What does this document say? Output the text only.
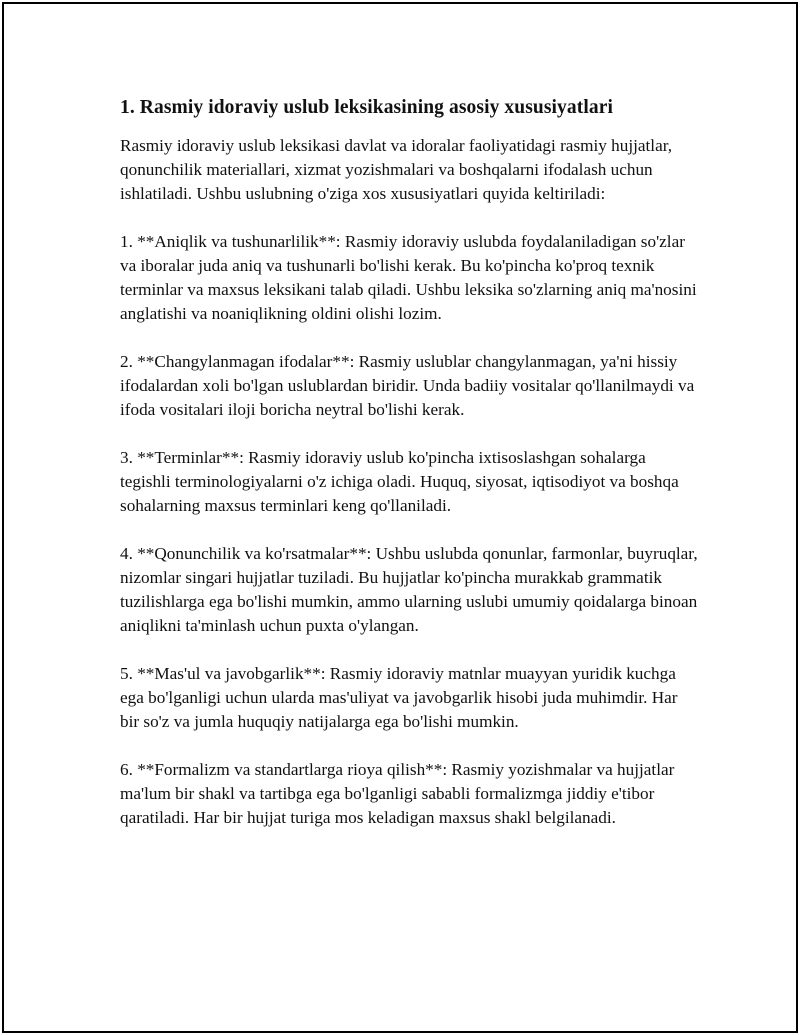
1. Rasmiy idoraviy uslub leksikasining asosiy xususiyatlari

Rasmiy idoraviy uslub leksikasi davlat va idoralar faoliyatidagi rasmiy hujjatlar, qonunchilik materiallari, xizmat yozishmalari va boshqalarni ifodalash uchun ishlatiladi. Ushbu uslubning o'ziga xos xususiyatlari quyida keltiriladi:

1. **Aniqlik va tushunarlilik**: Rasmiy idoraviy uslubda foydalaniladigan so'zlar va iboralar juda aniq va tushunarli bo'lishi kerak. Bu ko'pincha ko'proq texnik terminlar va maxsus leksikani talab qiladi. Ushbu leksika so'zlarning aniq ma'nosini anglatishi va noaniqlikning oldini olishi lozim.

2. **Changylanmagan ifodalar**: Rasmiy uslublar changylanmagan, ya'ni hissiy ifodalardan xoli bo'lgan uslublardan biridir. Unda badiiy vositalar qo'llanilmaydi va ifoda vositalari iloji boricha neytral bo'lishi kerak.

3. **Terminlar**: Rasmiy idoraviy uslub ko'pincha ixtisoslashgan sohalarga tegishli terminologiyalarni o'z ichiga oladi. Huquq, siyosat, iqtisodiyot va boshqa sohalarning maxsus terminlari keng qo'llaniladi.

4. **Qonunchilik va ko'rsatmalar**: Ushbu uslubda qonunlar, farmonlar, buyruqlar, nizomlar singari hujjatlar tuziladi. Bu hujjatlar ko'pincha murakkab grammatik tuzilishlarga ega bo'lishi mumkin, ammo ularning uslubi umumiy qoidalarga binoan aniqlikni ta'minlash uchun puxta o'ylangan.

5. **Mas'ul va javobgarlik**: Rasmiy idoraviy matnlar muayyan yuridik kuchga ega bo'lganligi uchun ularda mas'uliyat va javobgarlik hisobi juda muhimdir. Har bir so'z va jumla huquqiy natijalarga ega bo'lishi mumkin.

6. **Formalizm va standartlarga rioya qilish**: Rasmiy yozishmalar va hujjatlar ma'lum bir shakl va tartibga ega bo'lganligi sababli formalizmga jiddiy e'tibor qaratiladi. Har bir hujjat turiga mos keladigan maxsus shakl belgilanadi.
